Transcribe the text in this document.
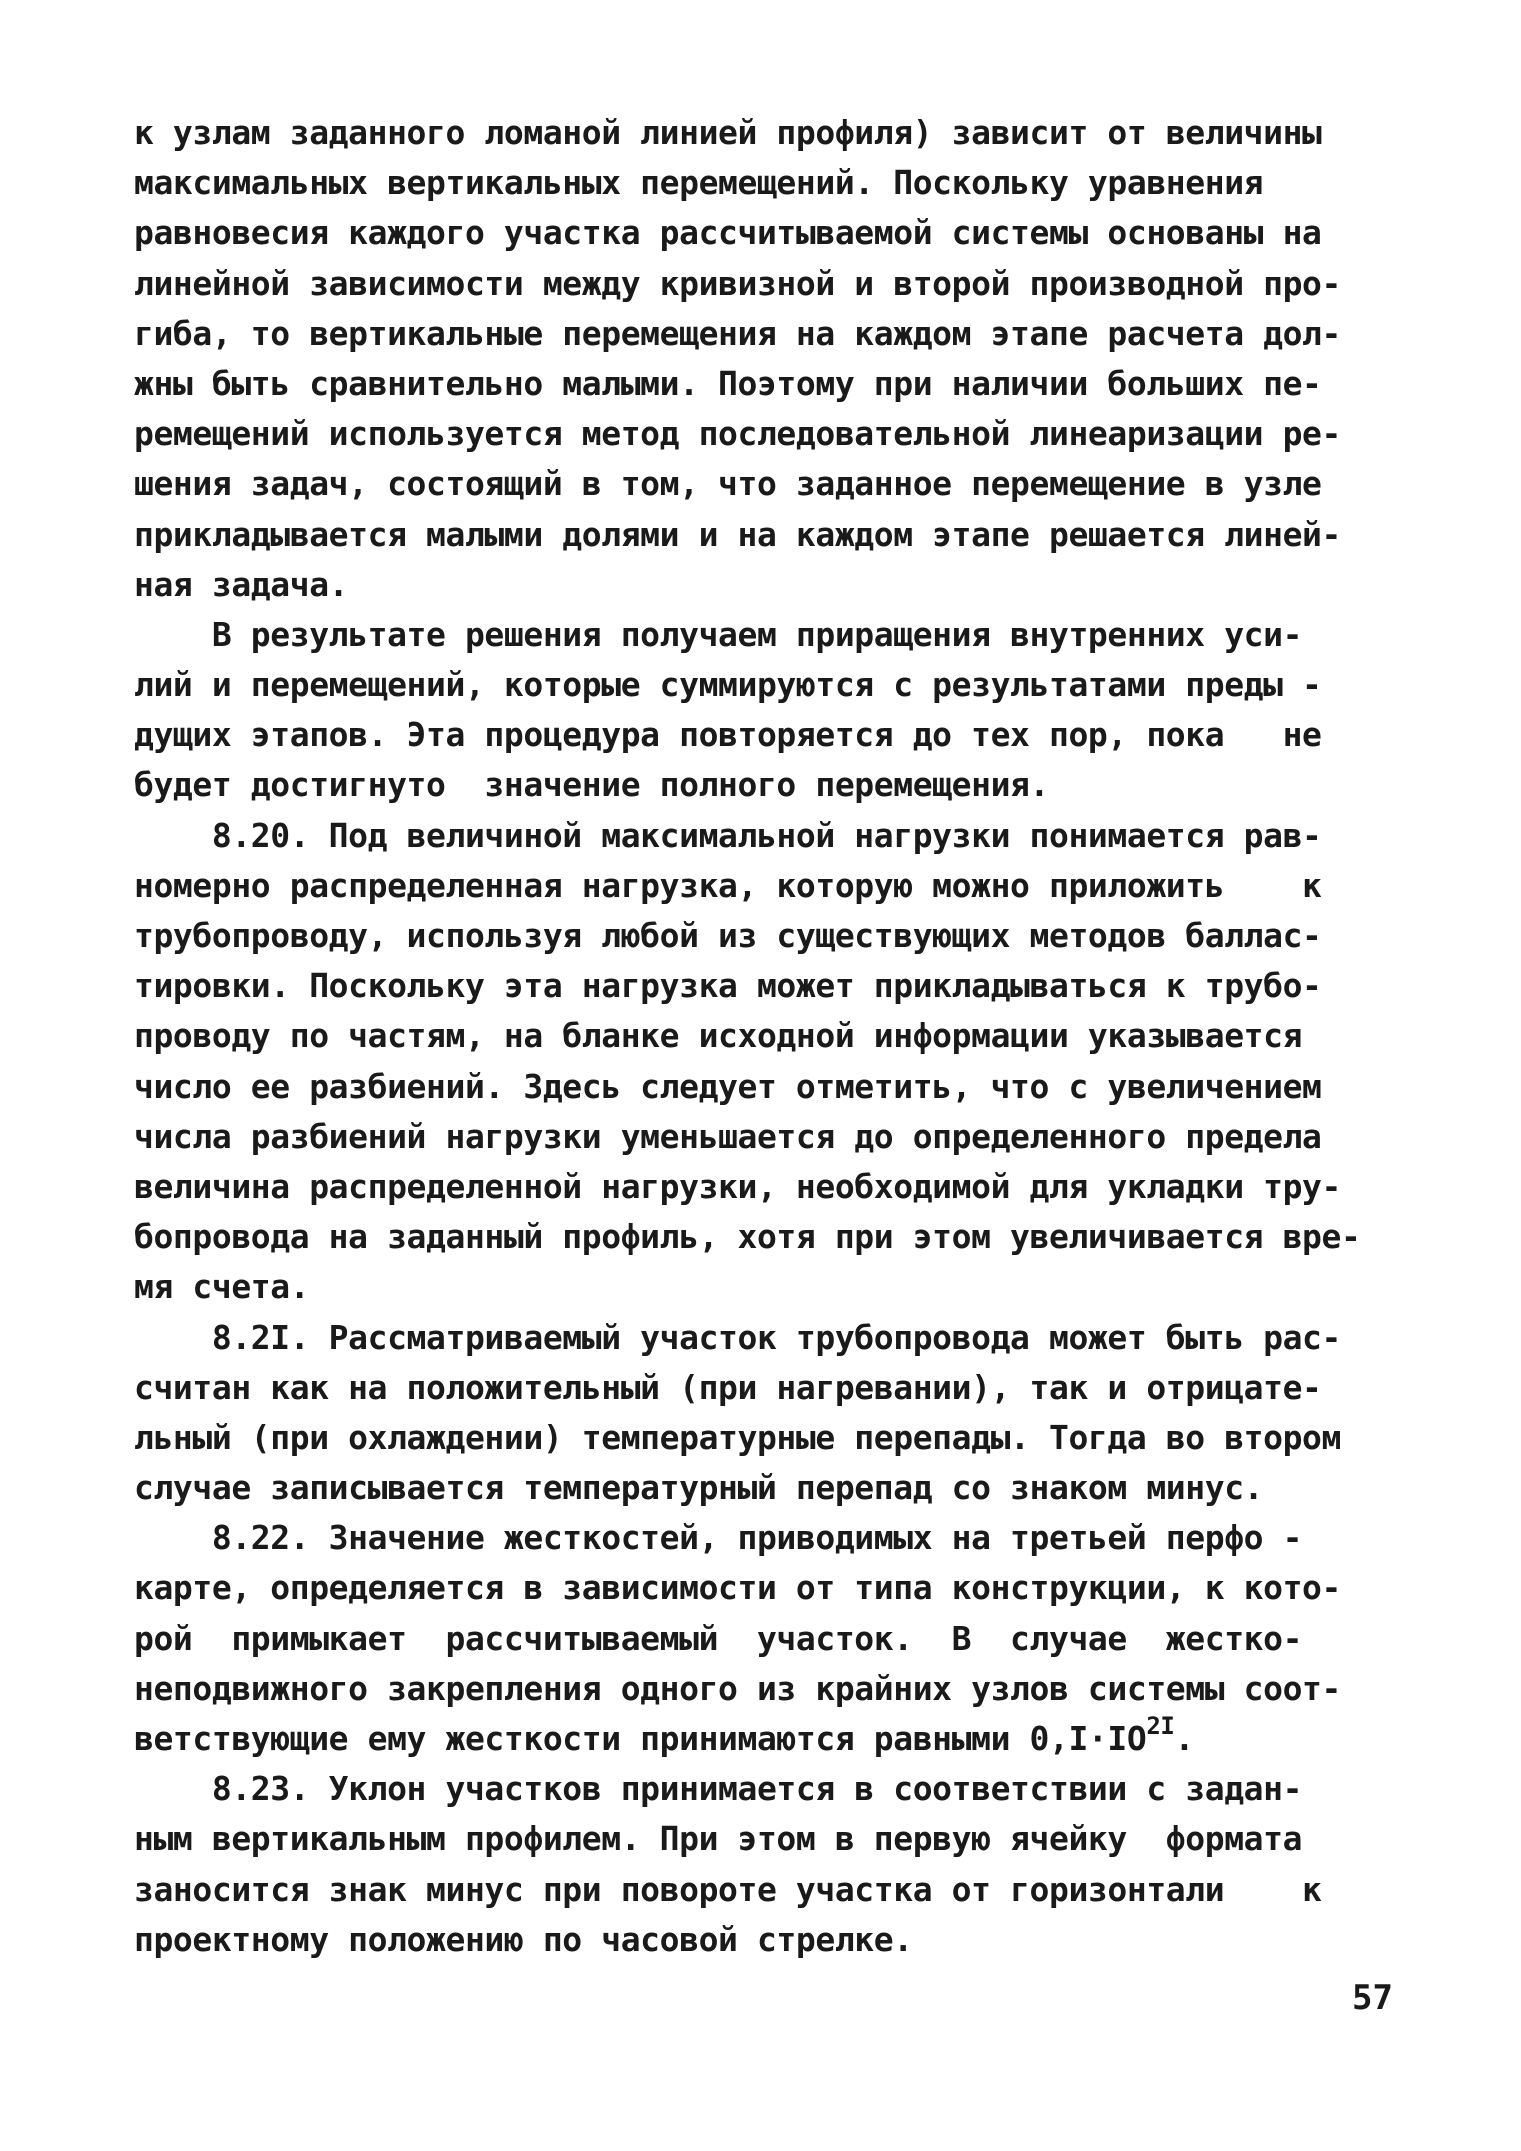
к узлам заданного ломаной линией профиля) зависит от величины
максимальных вертикальных перемещений. Поскольку уравнения
равновесия каждого участка рассчитываемой системы основаны на
линейной зависимости между кривизной и второй производной про-
гиба, то вертикальные перемещения на каждом этапе расчета дол-
жны быть сравнительно малыми. Поэтому при наличии больших пе-
ремещений используется метод последовательной линеаризации ре-
шения задач, состоящий в том, что заданное перемещение в узле
прикладывается малыми долями и на каждом этапе решается линей-
ная задача.
В результате решения получаем приращения внутренних уси-
лий и перемещений, которые суммируются с результатами преды -
дущих этапов. Эта процедура повторяется до тех пор, пока   не
будет достигнуто  значение полного перемещения.
8.20. Под величиной максимальной нагрузки понимается рав-
номерно распределенная нагрузка, которую можно приложить    к
трубопроводу, используя любой из существующих методов баллас-
тировки. Поскольку эта нагрузка может прикладываться к трубо-
проводу по частям, на бланке исходной информации указывается
число ее разбиений. Здесь следует отметить, что с увеличением
числа разбиений нагрузки уменьшается до определенного предела
величина распределенной нагрузки, необходимой для укладки тру-
бопровода на заданный профиль, хотя при этом увеличивается вре-
мя счета.
8.2I. Рассматриваемый участок трубопровода может быть рас-
считан как на положительный (при нагревании), так и отрицате-
льный (при охлаждении) температурные перепады. Тогда во втором
случае записывается температурный перепад со знаком минус.
8.22. Значение жесткостей, приводимых на третьей перфо -
карте, определяется в зависимости от типа конструкции, к кото-
рой  примыкает  рассчитываемый  участок.  В  случае  жестко-
неподвижного закрепления одного из крайних узлов системы соот-
ветствующие ему жесткости принимаются равными $0,I\cdot IO^{2I}$.
8.23. Уклон участков принимается в соответствии с задан-
ным вертикальным профилем. При этом в первую ячейку  формата
заносится знак минус при повороте участка от горизонтали    к
проектному положению по часовой стрелке.
57
